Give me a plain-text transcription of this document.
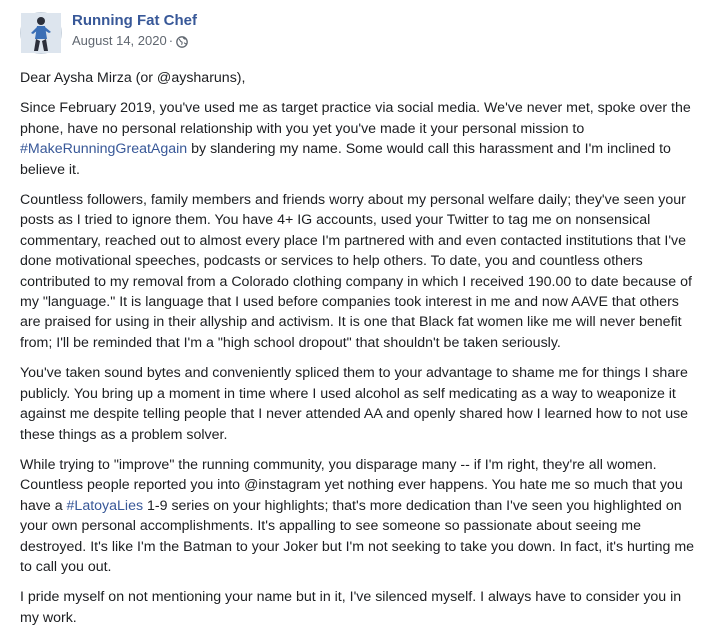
Running Fat Chef
August 14, 2020 ·

Dear Aysha Mirza (or @aysharuns),

Since February 2019, you've used me as target practice via social media. We've never met, spoke over the phone, have no personal relationship with you yet you've made it your personal mission to #MakeRunningGreatAgain by slandering my name. Some would call this harassment and I'm inclined to believe it.

Countless followers, family members and friends worry about my personal welfare daily; they've seen your posts as I tried to ignore them. You have 4+ IG accounts, used your Twitter to tag me on nonsensical commentary, reached out to almost every place I'm partnered with and even contacted institutions that I've done motivational speeches, podcasts or services to help others. To date, you and countless others contributed to my removal from a Colorado clothing company in which I received 190.00 to date because of my "language." It is language that I used before companies took interest in me and now AAVE that others are praised for using in their allyship and activism. It is one that Black fat women like me will never benefit from; I'll be reminded that I'm a "high school dropout" that shouldn't be taken seriously.

You've taken sound bytes and conveniently spliced them to your advantage to shame me for things I share publicly. You bring up a moment in time where I used alcohol as self medicating as a way to weaponize it against me despite telling people that I never attended AA and openly shared how I learned how to not use these things as a problem solver.

While trying to "improve" the running community, you disparage many -- if I'm right, they're all women. Countless people reported you into @instagram yet nothing ever happens. You hate me so much that you have a #LatoyaLies 1-9 series on your highlights; that's more dedication than I've seen you highlighted on your own personal accomplishments. It's appalling to see someone so passionate about seeing me destroyed. It's like I'm the Batman to your Joker but I'm not seeking to take you down. In fact, it's hurting me to call you out.

I pride myself on not mentioning your name but in it, I've silenced myself. I always have to consider you in my work.
